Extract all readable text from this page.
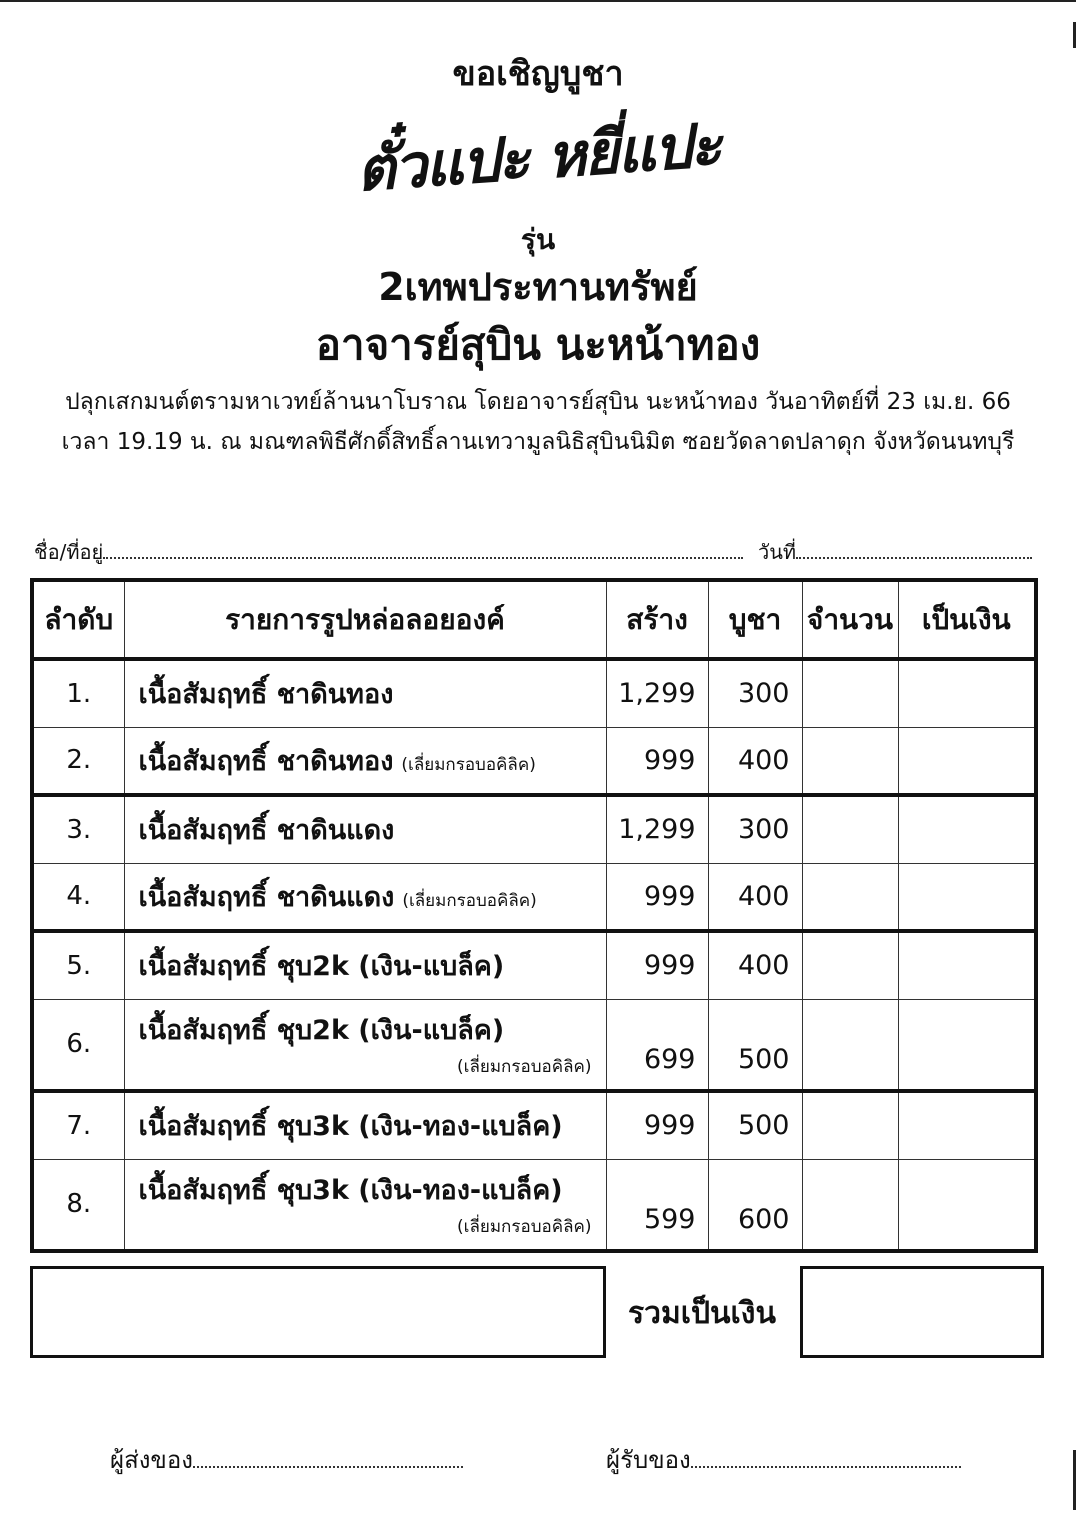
ขอเชิญบูชา
ตั๋วแปะ หยี่แปะ
รุ่น
2เทพประทานทรัพย์
อาจารย์สุบิน นะหน้าทอง
ปลุกเสกมนต์ตรามหาเวทย์ล้านนาโบราณ โดยอาจารย์สุบิน นะหน้าทอง วันอาทิตย์ที่ 23 เม.ย. 66
เวลา 19.19 น. ณ มณฑลพิธีศักดิ์สิทธิ์ลานเทวามูลนิธิสุบินนิมิต ซอยวัดลาดปลาดุก จังหวัดนนทบุรี
ชื่อ/ที่อยู่	วันที่
ลำดับ	รายการรูปหล่อลอยองค์	สร้าง	บูชา	จำนวน	เป็นเงิน
1.	เนื้อสัมฤทธิ์ ชาดินทอง	1,299	300		
2.	เนื้อสัมฤทธิ์ ชาดินทอง (เลี่ยมกรอบอคิลิค)	999	400		
3.	เนื้อสัมฤทธิ์ ชาดินแดง	1,299	300		
4.	เนื้อสัมฤทธิ์ ชาดินแดง (เลี่ยมกรอบอคิลิค)	999	400		
5.	เนื้อสัมฤทธิ์ ชุบ2k (เงิน-แบล็ค)	999	400		
6.	เนื้อสัมฤทธิ์ ชุบ2k (เงิน-แบล็ค)
(เลี่ยมกรอบอคิลิค)	699	500		
7.	เนื้อสัมฤทธิ์ ชุบ3k (เงิน-ทอง-แบล็ค)	999	500		
8.	เนื้อสัมฤทธิ์ ชุบ3k (เงิน-ทอง-แบล็ค)
(เลี่ยมกรอบอคิลิค)	599	600		
รวมเป็นเงิน
ผู้ส่งของ	ผู้รับของ
